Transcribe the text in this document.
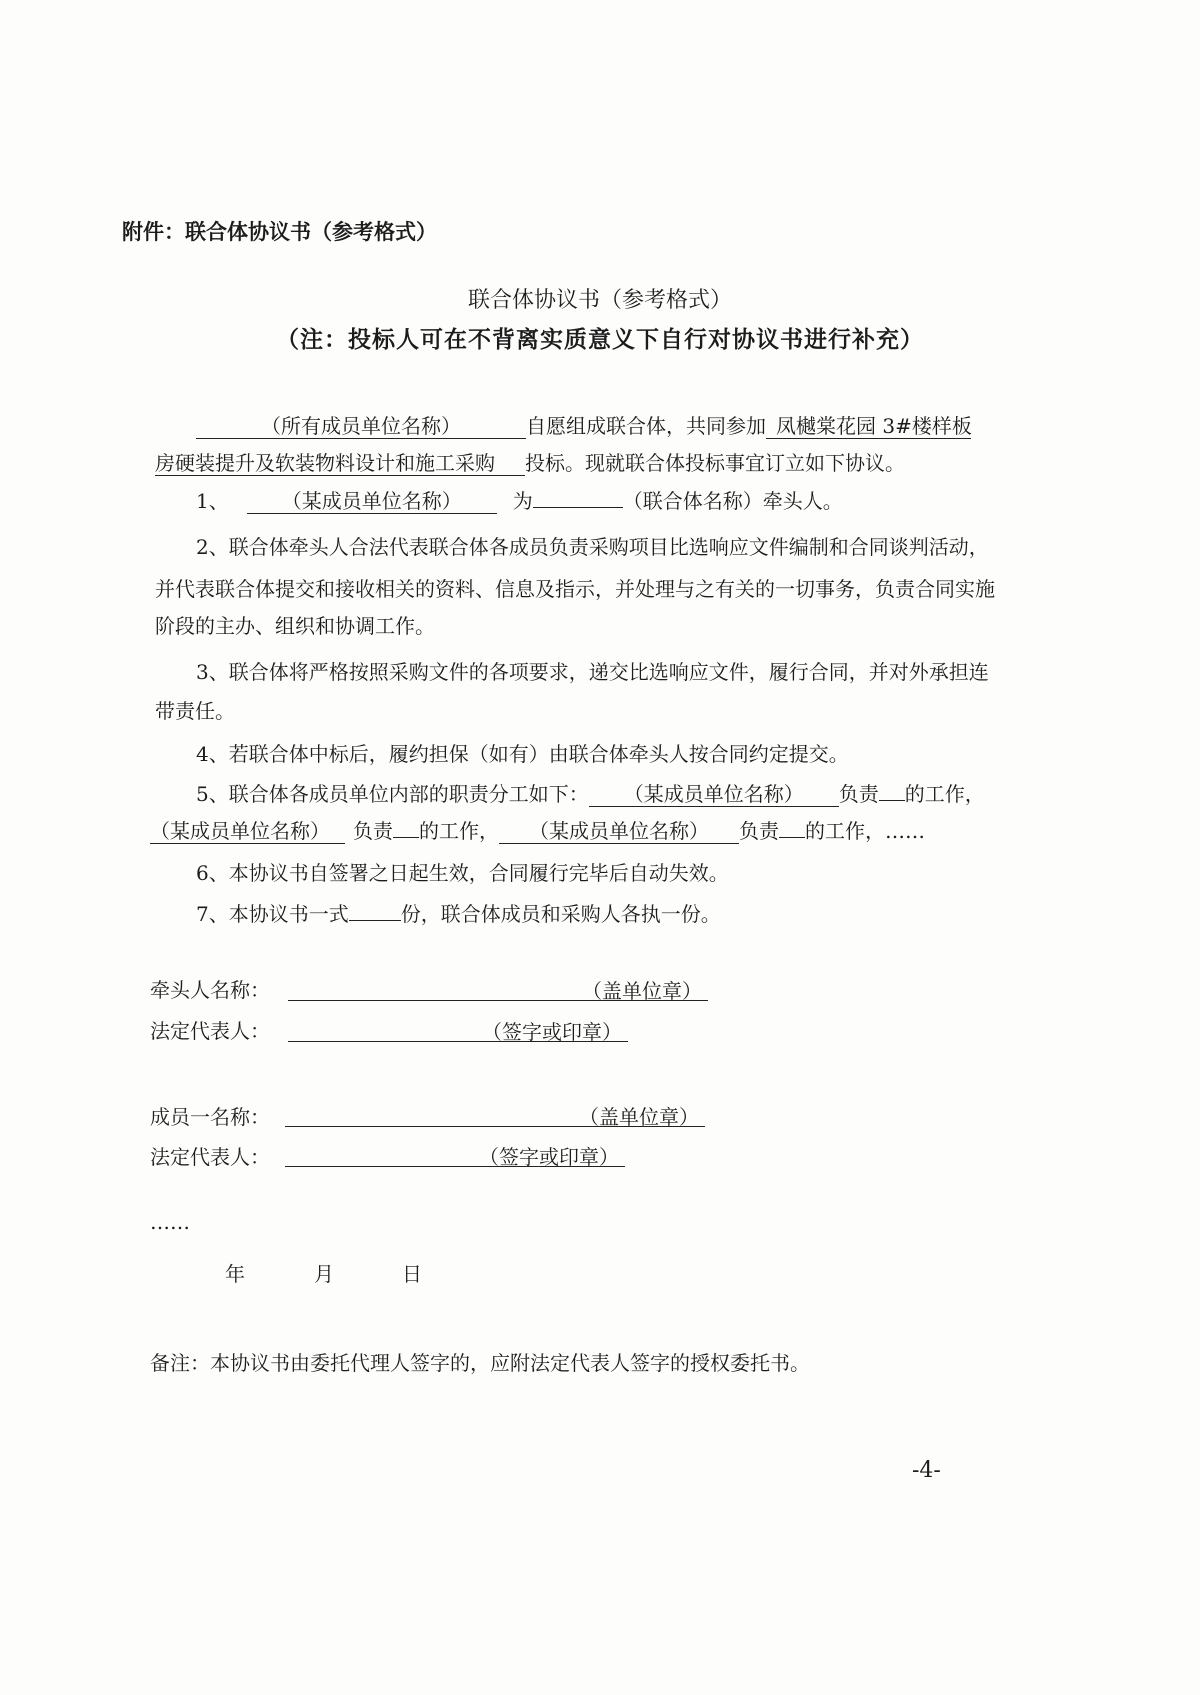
附件：联合体协议书（参考格式）
联合体协议书（参考格式）
（注：投标人可在不背离实质意义下自行对协议书进行补充）
（所有成员单位名称）	自愿组成联合体，共同参加 凤樾棠花园 3#楼样板
房硬装提升及软装物料设计和施工采购 投标。现就联合体投标事宜订立如下协议。
1、	（某成员单位名称）	为	（联合体名称）牵头人。
2、联合体牵头人合法代表联合体各成员负责采购项目比选响应文件编制和合同谈判活动，
并代表联合体提交和接收相关的资料、信息及指示，并处理与之有关的一切事务，负责合同实施
阶段的主办、组织和协调工作。
3、联合体将严格按照采购文件的各项要求，递交比选响应文件，履行合同，并对外承担连
带责任。
4、若联合体中标后，履约担保（如有）由联合体牵头人按合同约定提交。
5、联合体各成员单位内部的职责分工如下： （某成员单位名称） 负责 的工作，
（某成员单位名称） 负责 的工作， （某成员单位名称） 负责 的工作，……
6、本协议书自签署之日起生效，合同履行完毕后自动失效。
7、本协议书一式	份，联合体成员和采购人各执一份。
牵头人名称：	（盖单位章）
法定代表人：	（签字或印章）
成员一名称：	（盖单位章）
法定代表人：	（签字或印章）
……
年	月	日
备注：本协议书由委托代理人签字的，应附法定代表人签字的授权委托书。
-4-
